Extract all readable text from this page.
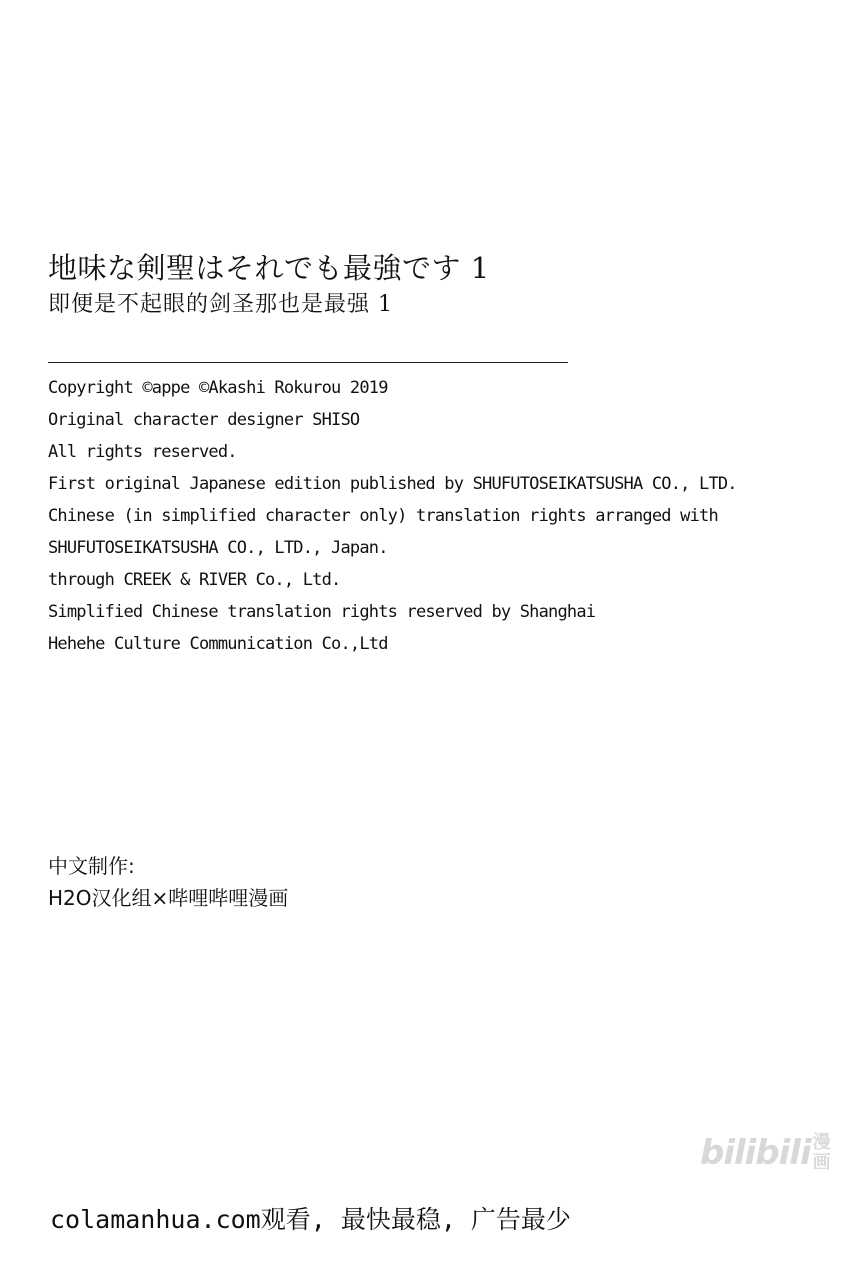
地味な剣聖はそれでも最強です 1
即便是不起眼的剑圣那也是最强 1
Copyright ©appe ©Akashi Rokurou 2019
Original character designer SHISO
All rights reserved.
First original Japanese edition published by SHUFUTOSEIKATSUSHA CO., LTD.
Chinese (in simplified character only) translation rights arranged with
SHUFUTOSEIKATSUSHA CO., LTD., Japan.
through CREEK & RIVER Co., Ltd.
Simplified Chinese translation rights reserved by Shanghai
Hehehe Culture Communication Co.,Ltd
中文制作:
H2O汉化组×哔哩哔哩漫画
bilibili 漫
画
colamanhua.com观看, 最快最稳, 广告最少
